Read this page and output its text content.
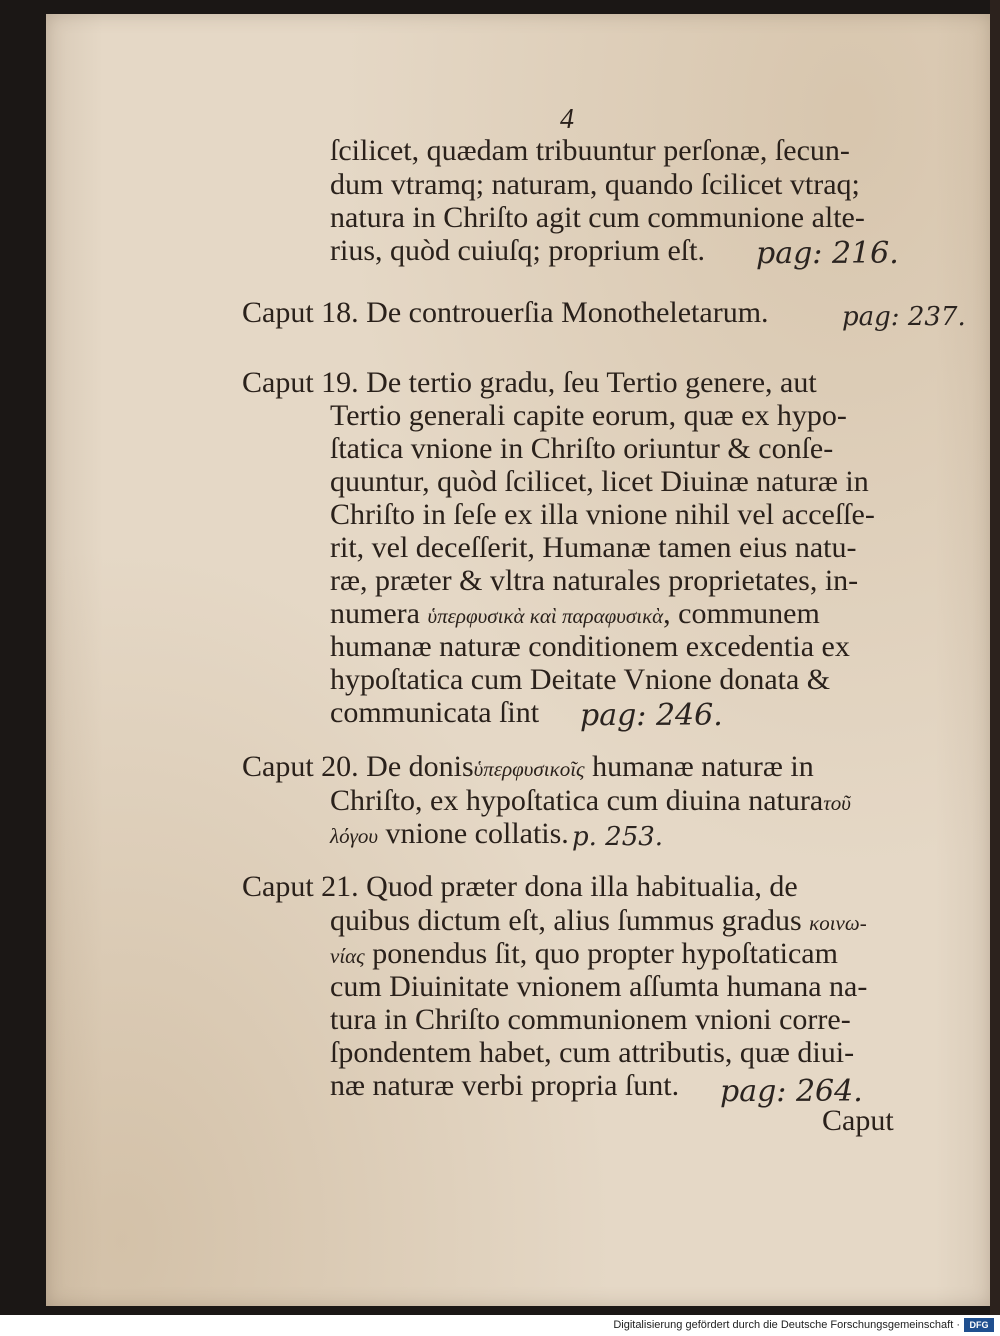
4
ſcilicet, quædam tribuuntur perſonæ, ſecun-
dum vtramq; naturam, quando ſcilicet vtraq;
natura in Chriſto agit cum communione alte-
rius, quòd cuiuſq; proprium eſt.
Caput 18. De controuerſia Monotheletarum.
Caput 19. De tertio gradu, ſeu Tertio genere, aut
Tertio generali capite eorum, quæ ex hypo-
ſtatica vnione in Chriſto oriuntur & conſe-
quuntur, quòd ſcilicet, licet Diuinæ naturæ in
Chriſto in ſeſe ex illa vnione nihil vel acceſſe-
rit, vel deceſſerit, Humanæ tamen eius natu-
ræ, præter & vltra naturales proprietates, in-
numera ὑπερφυσικὰ καὶ παραφυσικὰ, communem
humanæ naturæ conditionem excedentia ex
hypoſtatica cum Deitate Vnione donata &
communicata ſint
Caput 20. De donisὑπερφυσικοῖς humanæ naturæ in
Chriſto, ex hypoſtatica cum diuina naturaτοῦ
λόγου vnione collatis.
Caput 21. Quod præter dona illa habitualia, de
quibus dictum eſt, alius ſummus gradus κοινω-
νίας ponendus ſit, quo propter hypoſtaticam
cum Diuinitate vnionem aſſumta humana na-
tura in Chriſto communionem vnioni corre-
ſpondentem habet, cum attributis, quæ diui-
næ naturæ verbi propria ſunt.
Caput
pag: 216.
pag: 237.
pag: 246.
p. 253.
pag: 264.
Digitalisierung gefördert durch die Deutsche Forschungsgemeinschaft ·	DFG
